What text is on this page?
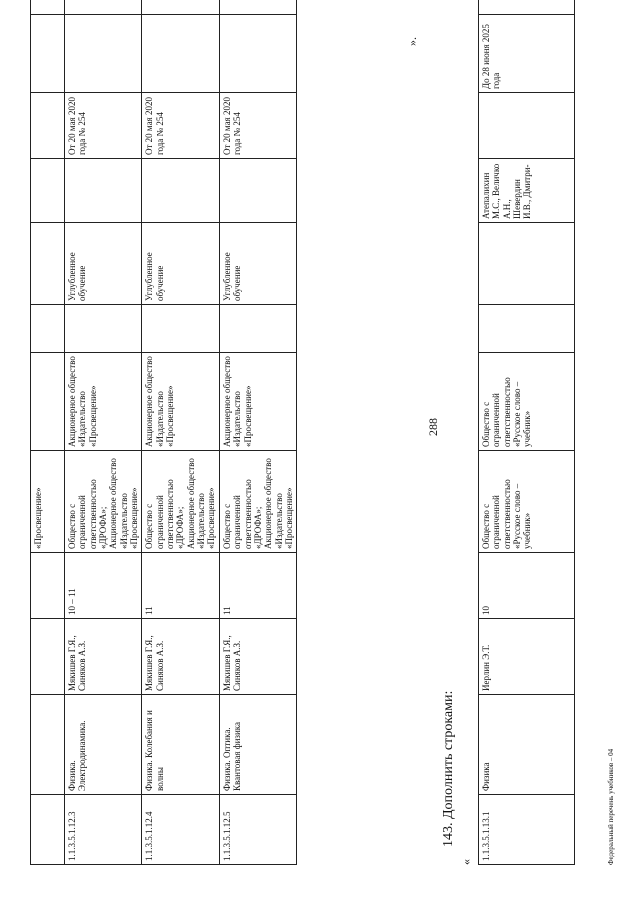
288
				«Просвещение»							
1.1.3.5.1.12.3	Физика. Электродинамика.	Мякишев Г.Я., Синяков А.З.	10 – 11	Общество с ограниченной ответственностью «ДРОФА»; Акционерное общество «Издательство «Просвещение»	Акционерное общество «Издательство «Просвещение»		Углубленное обучение		От 20 мая 2020 года № 254		
1.1.3.5.1.12.4	Физика. Колебания и волны	Мякишев Г.Я., Синяков А.З.	11	Общество с ограниченной ответственностью «ДРОФА»; Акционерное общество «Издательство «Просвещение»	Акционерное общество «Издательство «Просвещение»		Углубленное обучение		От 20 мая 2020 года № 254		
1.1.3.5.1.12.5	Физика. Оптика. Квантовая физика	Мякишев Г.Я., Синяков А.З.	11	Общество с ограниченной ответственностью «ДРОФА»; Акционерное общество «Издательство «Просвещение»	Акционерное общество «Издательство «Просвещение»		Углубленное обучение		От 20 мая 2020 года № 254		
».
143. Дополнить строками:
«
1.1.3.5.1.13.1	Физика	Иерлин Э.Т.	10	Общество с ограниченной ответственностью «Русское слово – учебник»	Общество с ограниченной ответственностью «Русское слово – учебник»			Атепалихин М.С., Величко А.Н., Шевердин И.В., Дмитри-		До 28 июня 2025 года	
Федеральный перечень учебников – 04
